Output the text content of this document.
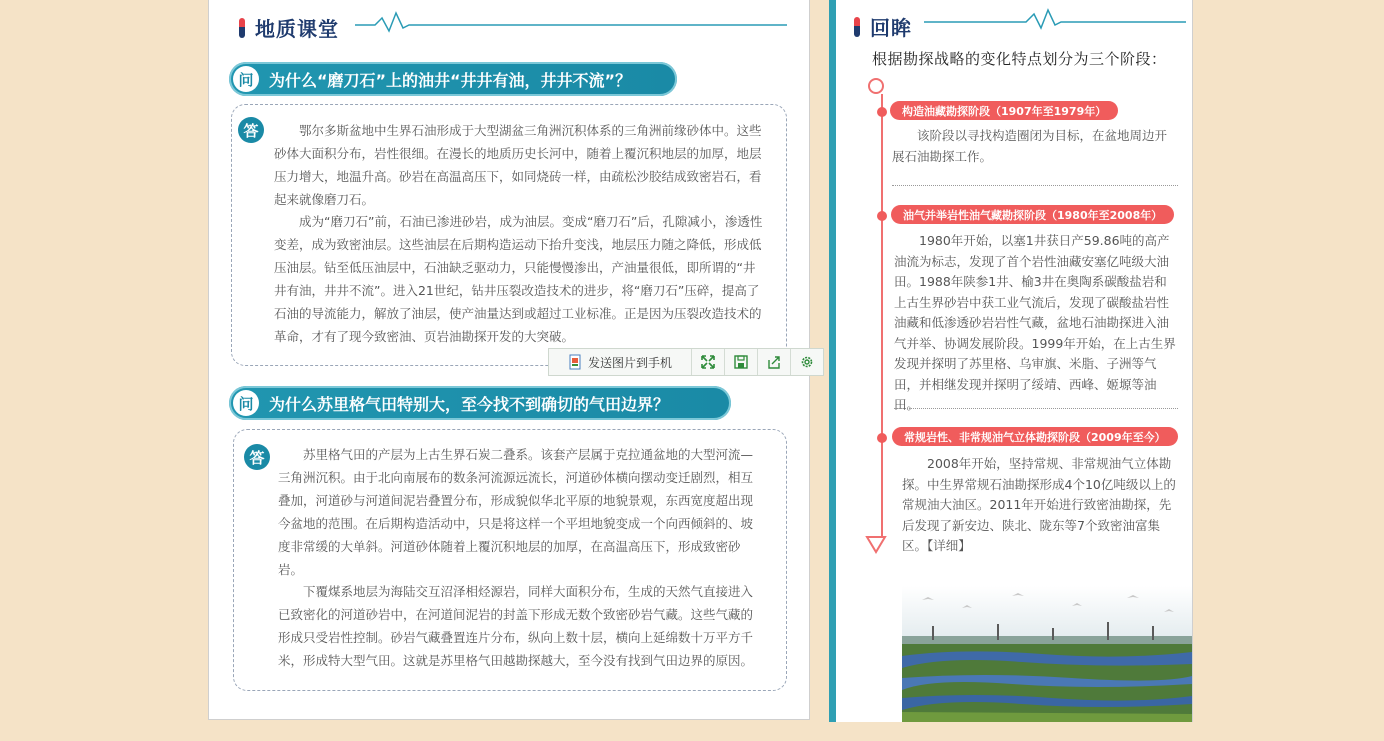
地质课堂
问 为什么“磨刀石”上的油井“井井有油，井井不流”？
答	鄂尔多斯盆地中生界石油形成于大型湖盆三角洲沉积体系的三角洲前缘砂体中。这些砂体大面积分布，岩性很细。在漫长的地质历史长河中，随着上覆沉积地层的加厚，地层压力增大，地温升高。砂岩在高温高压下，如同烧砖一样，由疏松沙胶结成致密岩石，看起来就像磨刀石。

成为“磨刀石”前，石油已渗进砂岩，成为油层。变成“磨刀石”后，孔隙减小，渗透性变差，成为致密油层。这些油层在后期构造运动下抬升变浅，地层压力随之降低，形成低压油层。钻至低压油层中，石油缺乏驱动力，只能慢慢渗出，产油量很低，即所谓的“井井有油，井井不流”。进入21世纪，钻井压裂改造技术的进步，将“磨刀石”压碎，提高了石油的导流能力，解放了油层，使产油量达到或超过工业标准。正是因为压裂改造技术的革命，才有了现今致密油、页岩油勘探开发的大突破。

问 为什么苏里格气田特别大，至今找不到确切的气田边界？
答	苏里格气田的产层为上古生界石炭二叠系。该套产层属于克拉通盆地的大型河流—三角洲沉积。由于北向南展布的数条河流源远流长，河道砂体横向摆动变迁剧烈，相互叠加，河道砂与河道间泥岩叠置分布，形成貌似华北平原的地貌景观，东西宽度超出现今盆地的范围。在后期构造活动中，只是将这样一个平坦地貌变成一个向西倾斜的、坡度非常缓的大单斜。河道砂体随着上覆沉积地层的加厚，在高温高压下，形成致密砂岩。

下覆煤系地层为海陆交互沼泽相烃源岩，同样大面积分布，生成的天然气直接进入已致密化的河道砂岩中，在河道间泥岩的封盖下形成无数个致密砂岩气藏。这些气藏的形成只受岩性控制。砂岩气藏叠置连片分布，纵向上数十层，横向上延绵数十万平方千米，形成特大型气田。这就是苏里格气田越勘探越大，至今没有找到气田边界的原因。

发送图片到手机
回眸
根据勘探战略的变化特点划分为三个阶段：
构造油藏勘探阶段（1907年至1979年）

该阶段以寻找构造圈闭为目标，在盆地周边开展石油勘探工作。

油气并举岩性油气藏勘探阶段（1980年至2008年）

1980年开始，以塞1井获日产59.86吨的高产油流为标志，发现了首个岩性油藏安塞亿吨级大油田。1988年陕参1井、榆3井在奥陶系碳酸盐岩和上古生界砂岩中获工业气流后，发现了碳酸盐岩性油藏和低渗透砂岩岩性气藏，盆地石油勘探进入油气并举、协调发展阶段。1999年开始，在上古生界发现并探明了苏里格、乌审旗、米脂、子洲等气田，并相继发现并探明了绥靖、西峰、姬塬等油田。

常规岩性、非常规油气立体勘探阶段（2009年至今）

2008年开始，坚持常规、非常规油气立体勘探。中生界常规石油勘探形成4个10亿吨级以上的常规油大油区。2011年开始进行致密油勘探，先后发现了新安边、陕北、陇东等7个致密油富集区。【详细】
